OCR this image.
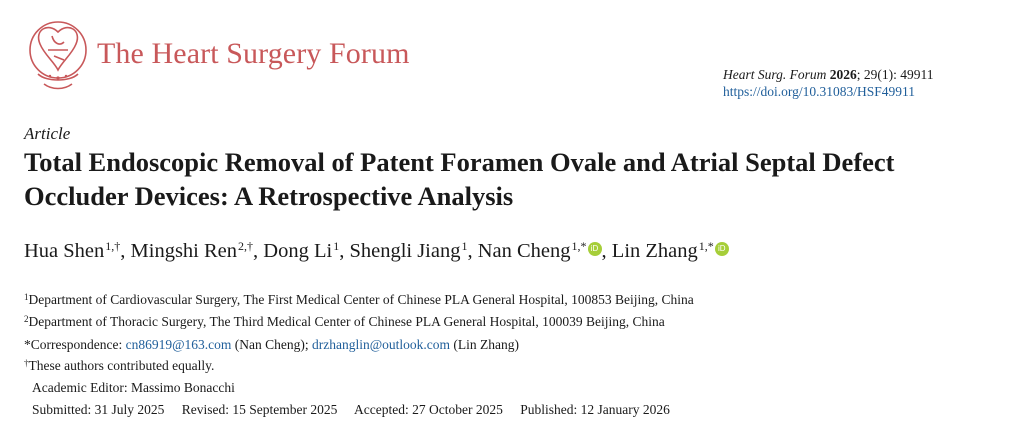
The Heart Surgery Forum
Heart Surg. Forum 2026; 29(1): 49911
https://doi.org/10.31083/HSF49911
Article
Total Endoscopic Removal of Patent Foramen Ovale and Atrial Septal Defect Occluder Devices: A Retrospective Analysis
Hua Shen$^{1,\dagger}$, Mingshi Ren$^{2,\dagger}$, Dong Li$^1$, Shengli Jiang$^1$, Nan Cheng$^{1,*}$ iD , Lin Zhang$^{1,*}$ iD
$^1$Department of Cardiovascular Surgery, The First Medical Center of Chinese PLA General Hospital, 100853 Beijing, China
$^2$Department of Thoracic Surgery, The Third Medical Center of Chinese PLA General Hospital, 100039 Beijing, China
*Correspondence: cn86919@163.com (Nan Cheng); drzhanglin@outlook.com (Lin Zhang)
†These authors contributed equally.
Academic Editor: Massimo Bonacchi
Submitted: 31 July 2025 Revised: 15 September 2025 Accepted: 27 October 2025 Published: 12 January 2026
